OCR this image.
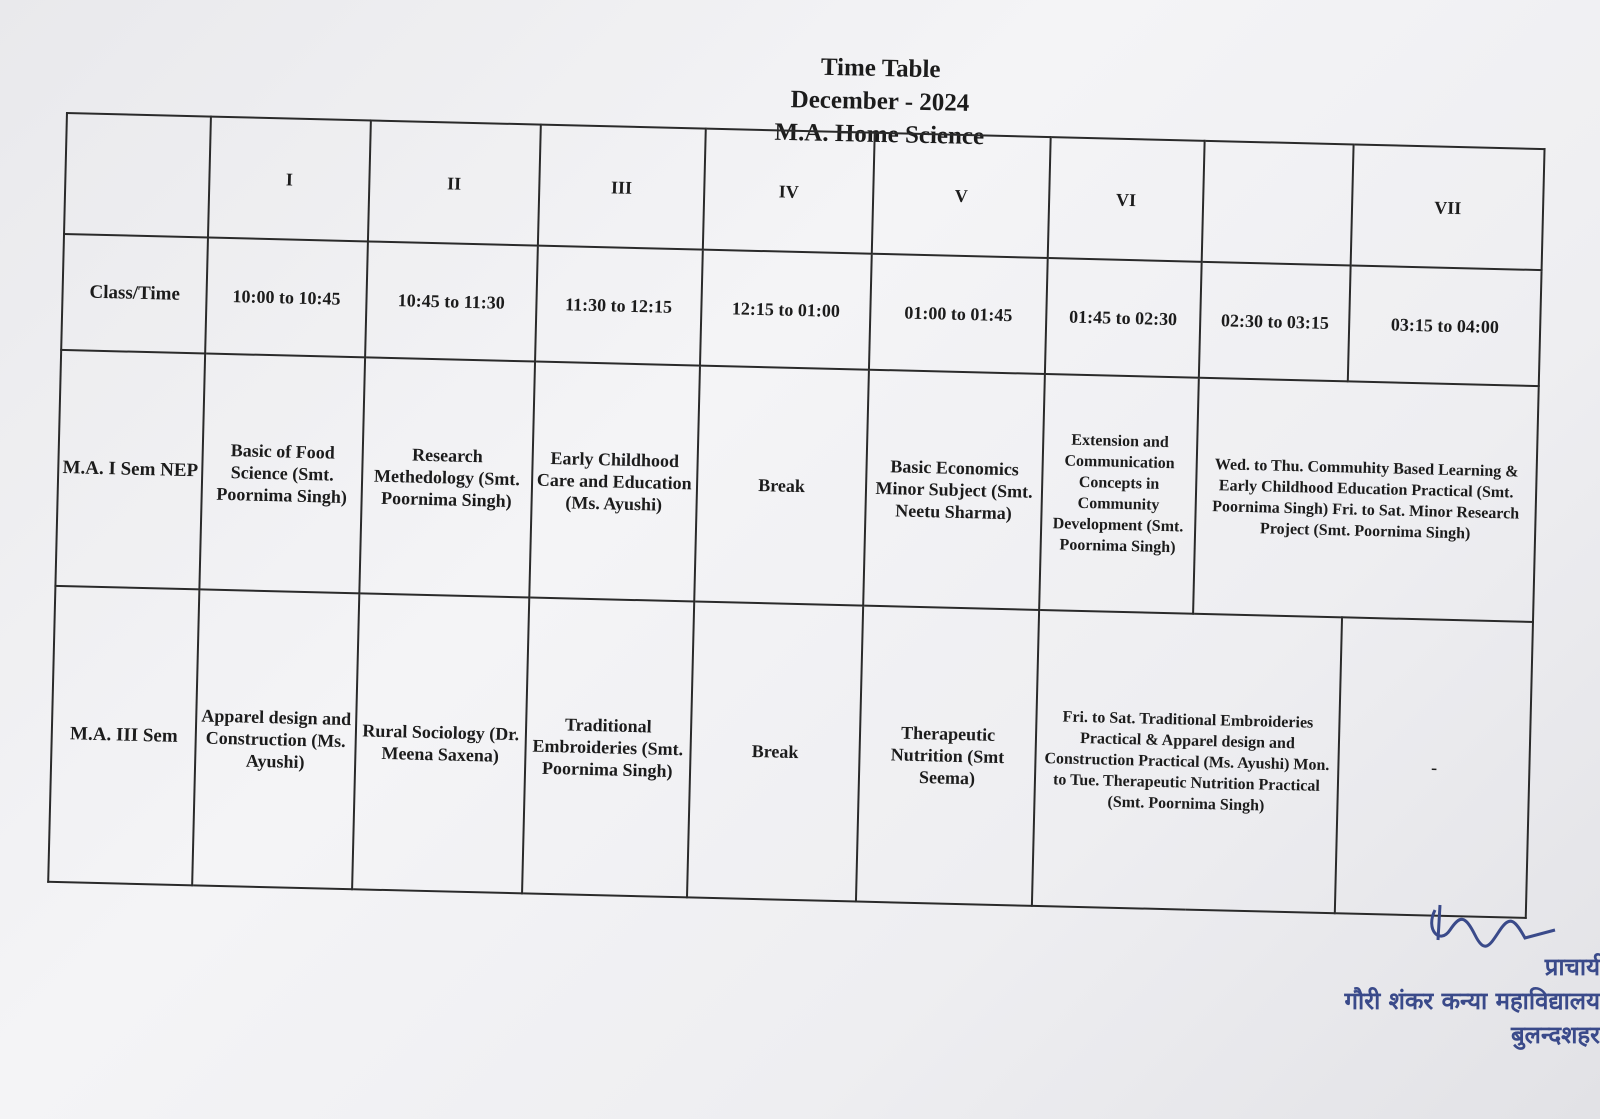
Time Table
December - 2024
M.A. Home Science
	I	II	III	IV	V	VI		VII
Class/Time	10:00 to 10:45	10:45 to 11:30	11:30 to 12:15	12:15 to 01:00	01:00 to 01:45	01:45 to 02:30	02:30 to 03:15	03:15 to 04:00
M.A. I Sem NEP	Basic of Food Science (Smt. Poornima Singh)	Research Methedology (Smt. Poornima Singh)	Early Childhood Care and Education (Ms. Ayushi)	Break	Basic Economics Minor Subject (Smt. Neetu Sharma)	Extension and Communication Concepts in Community Development (Smt. Poornima Singh)	Wed. to Thu. Commuhity Based Learning & Early Childhood Education Practical (Smt. Poornima Singh) Fri. to Sat. Minor Research Project (Smt. Poornima Singh)	
M.A. III Sem	Apparel design and Construction (Ms. Ayushi)	Rural Sociology (Dr. Meena Saxena)	Traditional Embroideries (Smt. Poornima Singh)	Break	Therapeutic Nutrition (Smt Seema)	Fri. to Sat. Traditional Embroideries Practical & Apparel design and Construction Practical (Ms. Ayushi) Mon. to Tue. Therapeutic Nutrition Practical (Smt. Poornima Singh)		-
प्राचार्य
गौरी शंकर कन्या महाविद्यालय
बुलन्दशहर
